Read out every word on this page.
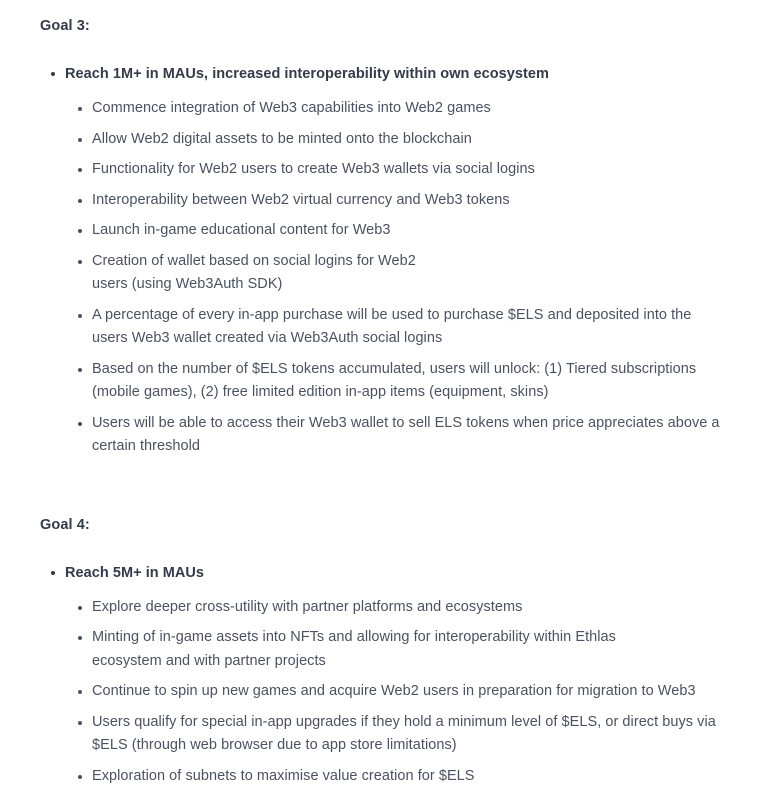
Goal 3:
Reach 1M+ in MAUs, increased interoperability within own ecosystem
Commence integration of Web3 capabilities into Web2 games
Allow Web2 digital assets to be minted onto the blockchain
Functionality for Web2 users to create Web3 wallets via social logins
Interoperability between Web2 virtual currency and Web3 tokens
Launch in-game educational content for Web3
Creation of wallet based on social logins for Web2 users (using Web3Auth SDK)
A percentage of every in-app purchase will be used to purchase $ELS and deposited into the users Web3 wallet created via Web3Auth social logins
Based on the number of $ELS tokens accumulated, users will unlock: (1) Tiered subscriptions (mobile games), (2) free limited edition in-app items (equipment, skins)
Users will be able to access their Web3 wallet to sell ELS tokens when price appreciates above a certain threshold
Goal 4:
Reach 5M+ in MAUs
Explore deeper cross-utility with partner platforms and ecosystems
Minting of in-game assets into NFTs and allowing for interoperability within Ethlas ecosystem and with partner projects
Continue to spin up new games and acquire Web2 users in preparation for migration to Web3
Users qualify for special in-app upgrades if they hold a minimum level of $ELS, or direct buys via $ELS (through web browser due to app store limitations)
Exploration of subnets to maximise value creation for $ELS
